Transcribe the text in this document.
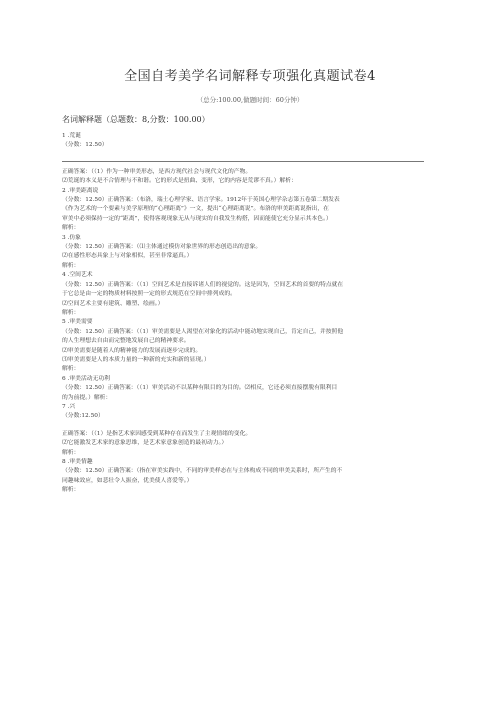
全国自考美学名词解释专项强化真题试卷4
（总分:100.00,做题时间：60分钟）
名词解释题（总题数：8,分数：100.00）
1 .荒诞
（分数：12.50）
正确答案：（（1）作为一种审美形态，是西方现代社会与现代文化的产物。
⑵荒诞的本义是不合情理与不和谐。它的形式是扭曲、变形，它的内容是荒谬不真。）解析：
2 .审美距离说
（分数：12.50）正确答案：（布洛，瑞士心理学家、语言学家。1912年于英国心理学杂志第五卷第二期发表
《作为艺术的一个要素与美学原理的“心理距离”》一文，提出“心理距离说”。布洛的审美距离说指出，在
审美中必须保持一定的“距离”，使得客观现象无从与现实的自我发生构搭，因而能使它充分显示其本色。）
解析：
3 .仿象
（分数：12.50）正确答案：（⑴主体通过模仿对象世界的形态创造出的意象。
⑵在感性形态具象上与对象相似，甚至非常逼真。）
解析：
4 .空间艺术
（分数：12.50）正确答案：（（1）空间艺术是直接诉诸人们的视觉的。这是因为，空间艺术的首要的特点就在
于它总是由一定的物质材料按照一定的形式规范在空间中排列成的。
⑵空间艺术主要有建筑、雕塑、绘画。）
解析：
5 .审美需要
（分数：12.50）正确答案：（（1）审美需要是人渴望在对象化的活动中能动地实现自己，肯定自己，并按照他
的人生理想去自由而完整地发展自己的精神要求。
⑵审美需要是随着人的精神能力的发展而逐步完成的。
⑶审美需要是人的本质力量的一种新的充实和新的显现。）
解析：
6 .审美活动无功利
（分数：12.50）正确答案：（（1）审美活动不以某种有限目的为目的。⑵相反，它还必须直接摆脱有限利目
的为前提。）解析：
7 .兴
（分数:12.50）
正确答案：（（1）是指艺术家因感受到某种存在而发生了主观情绪的变化。
⑵它能激发艺术家的意象思维，是艺术家意象创造的最初动力。）
解析：
8 .审美情趣
（分数：12.50）正确答案：（指在审美实践中，不同的审美样态在与主体构成不同的审美关系时，所产生的不
同趣味效应，如悲壮令人振奋，优美使人喜爱等。）
解析：
